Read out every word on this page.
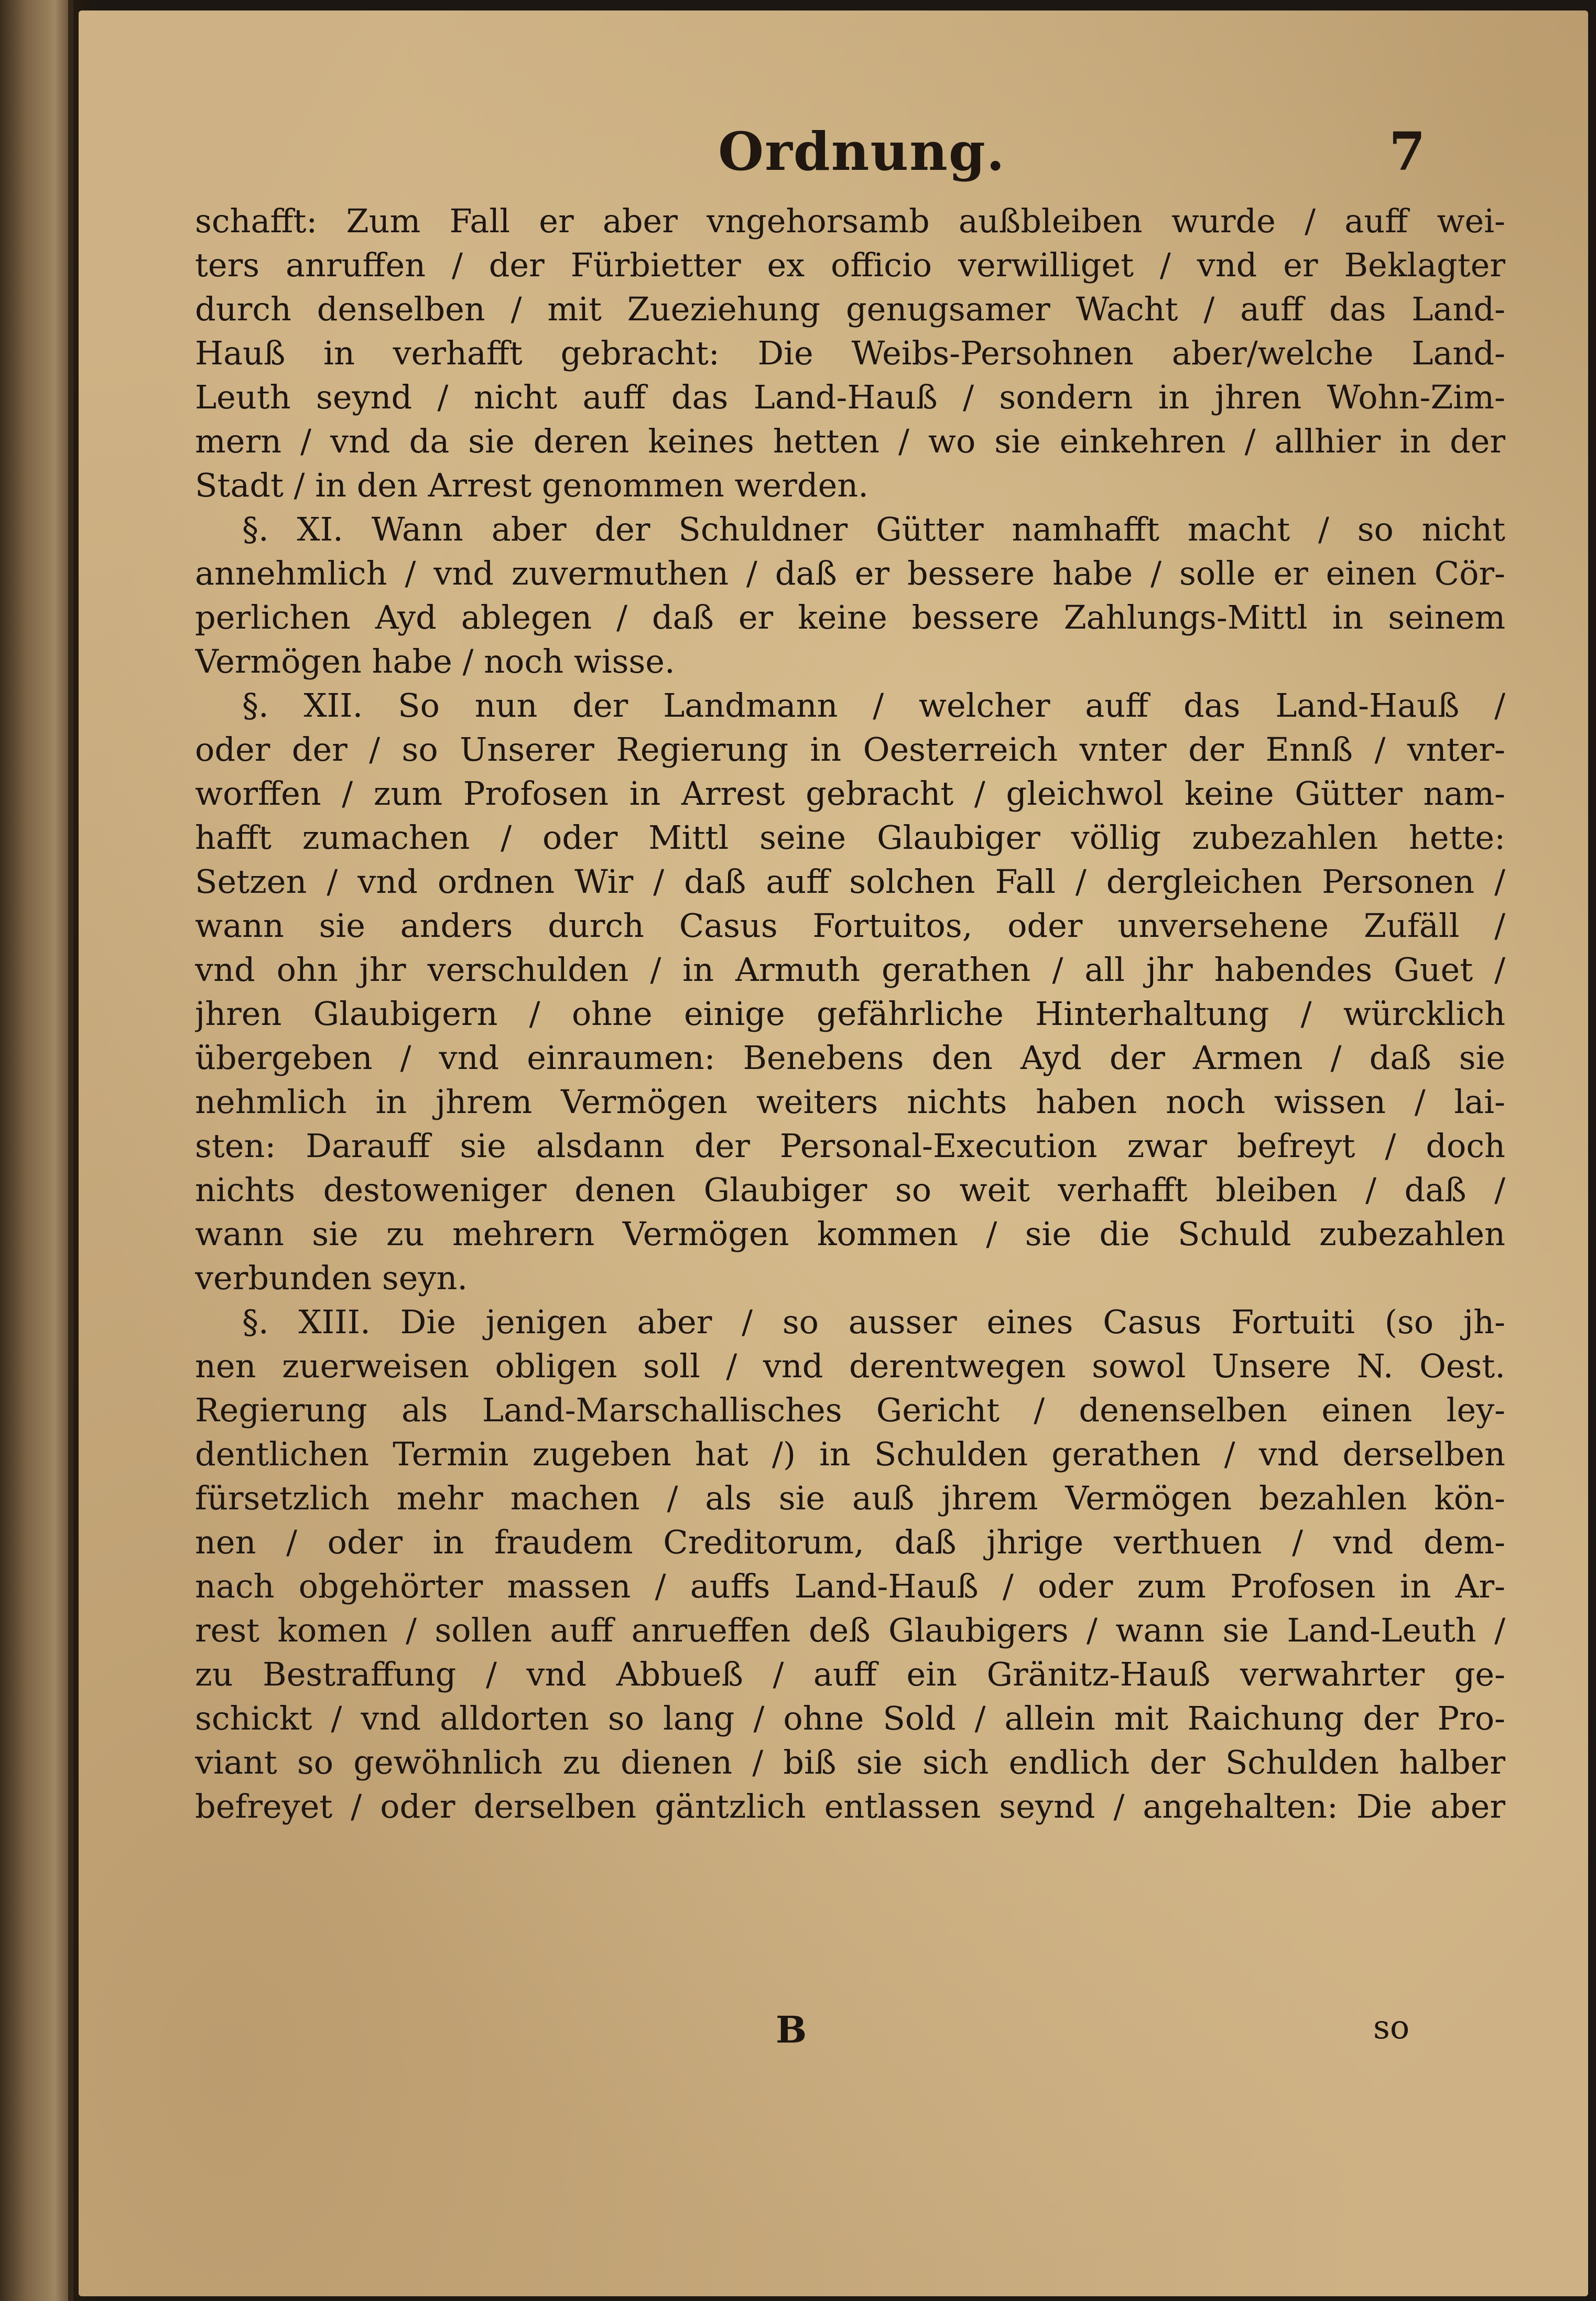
Ordnung.	7
schafft: Zum Fall er aber vngehorsamb außbleiben wurde / auff wei-
ters anruffen / der Fürbietter ex officio verwilliget / vnd er Beklagter
durch denselben / mit Zueziehung genugsamer Wacht / auff das Land-
Hauß in verhafft gebracht: Die Weibs-Persohnen aber/welche Land-
Leuth seynd / nicht auff das Land-Hauß / sondern in jhren Wohn-Zim-
mern / vnd da sie deren keines hetten / wo sie einkehren / allhier in der
Stadt / in den Arrest genommen werden.
§. XI. Wann aber der Schuldner Gütter namhafft macht / so nicht
annehmlich / vnd zuvermuthen / daß er bessere habe / solle er einen Cör-
perlichen Ayd ablegen / daß er keine bessere Zahlungs-Mittl in seinem
Vermögen habe / noch wisse.
§. XII. So nun der Landmann / welcher auff das Land-Hauß /
oder der / so Unserer Regierung in Oesterreich vnter der Ennß / vnter-
worffen / zum Profosen in Arrest gebracht / gleichwol keine Gütter nam-
hafft zumachen / oder Mittl seine Glaubiger völlig zubezahlen hette:
Setzen / vnd ordnen Wir / daß auff solchen Fall / dergleichen Personen /
wann sie anders durch Casus Fortuitos, oder unversehene Zufäll /
vnd ohn jhr verschulden / in Armuth gerathen / all jhr habendes Guet /
jhren Glaubigern / ohne einige gefährliche Hinterhaltung / würcklich
übergeben / vnd einraumen: Benebens den Ayd der Armen / daß sie
nehmlich in jhrem Vermögen weiters nichts haben noch wissen / lai-
sten: Darauff sie alsdann der Personal-Execution zwar befreyt / doch
nichts destoweniger denen Glaubiger so weit verhafft bleiben / daß /
wann sie zu mehrern Vermögen kommen / sie die Schuld zubezahlen
verbunden seyn.
§. XIII. Die jenigen aber / so ausser eines Casus Fortuiti (so jh-
nen zuerweisen obligen soll / vnd derentwegen sowol Unsere N. Oest.
Regierung als Land-Marschallisches Gericht / denenselben einen ley-
dentlichen Termin zugeben hat /) in Schulden gerathen / vnd derselben
fürsetzlich mehr machen / als sie auß jhrem Vermögen bezahlen kön-
nen / oder in fraudem Creditorum, daß jhrige verthuen / vnd dem-
nach obgehörter massen / auffs Land-Hauß / oder zum Profosen in Ar-
rest komen / sollen auff anrueffen deß Glaubigers / wann sie Land-Leuth /
zu Bestraffung / vnd Abbueß / auff ein Gränitz-Hauß verwahrter ge-
schickt / vnd alldorten so lang / ohne Sold / allein mit Raichung der Pro-
viant so gewöhnlich zu dienen / biß sie sich endlich der Schulden halber
befreyet / oder derselben gäntzlich entlassen seynd / angehalten: Die aber
B	so
